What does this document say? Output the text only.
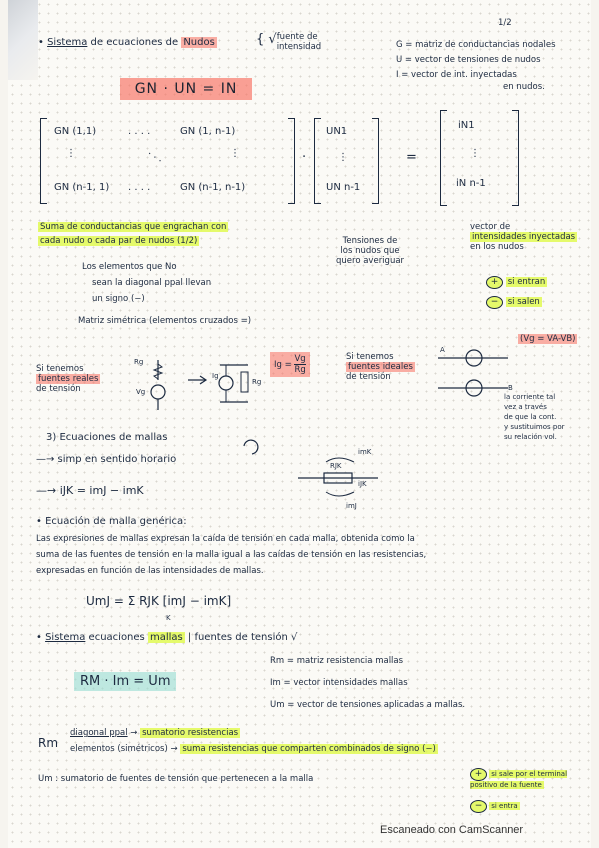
• Sistema de ecuaciones de Nudos	{ √fuente de intensidad
1/2
G = matriz de conductancias nodales
U = vector de tensiones de nudos
I = vector de int. inyectadas
en nudos.
GN · UN = IN
GN (1,1)	. . . .	GN (1, n-1)
⋮	. . .	⋮
GN (n-1, 1) . . . .	GN (n-1, n-1)
·
UN1
⋮
UN n-1
=
iN1
⋮
iN n-1
Suma de conductancias que engrachan con
cada nudo o cada par de nudos (1/2)	Tensiones de
los nudos que
quero averiguar
vector de
intensidades inyectadas
en los nudos
+ si entran
− si salen
Los elementos que No
sean la diagonal ppal llevan
un signo (−)
Matriz simétrica (elementos cruzados =)
Si tenemos
fuentes reales
de tensión
Rg
Vg
Ig
Rg
$Ig = \frac{Vg}{Rg}$	Si tenemos
fuentes ideales
de tensión
(Vg = VA-VB)
A
B
la corriente tal
vez a través
de que la cont.
y sustituimos por
su relación vol.
3) Ecuaciones de mallas
—→ simp en sentido horario
—→ iJK = imJ − imK
imK
RJK
iJK
imJ
• Ecuación de malla genérica:
Las expresiones de mallas expresan la caída de tensión en cada malla, obtenida como la
suma de las fuentes de tensión en la malla igual a las caídas de tensión en las resistencias,
expresadas en función de las intensidades de mallas.
UmJ = Σ RJK [imJ − imK]
K
• Sistema ecuaciones mallas | fuentes de tensión √
RM · Im = Um
Rm = matriz resistencia mallas
Im = vector intensidades mallas
Um = vector de tensiones aplicadas a mallas.
Rm
diagonal ppal → sumatorio resistencias
elementos (simétricos) → suma resistencias que comparten combinados de signo (−)
Um : sumatorio de fuentes de tensión que pertenecen a la malla	+ si sale por el terminal positivo de la fuente
− si entra
Escaneado con CamScanner
